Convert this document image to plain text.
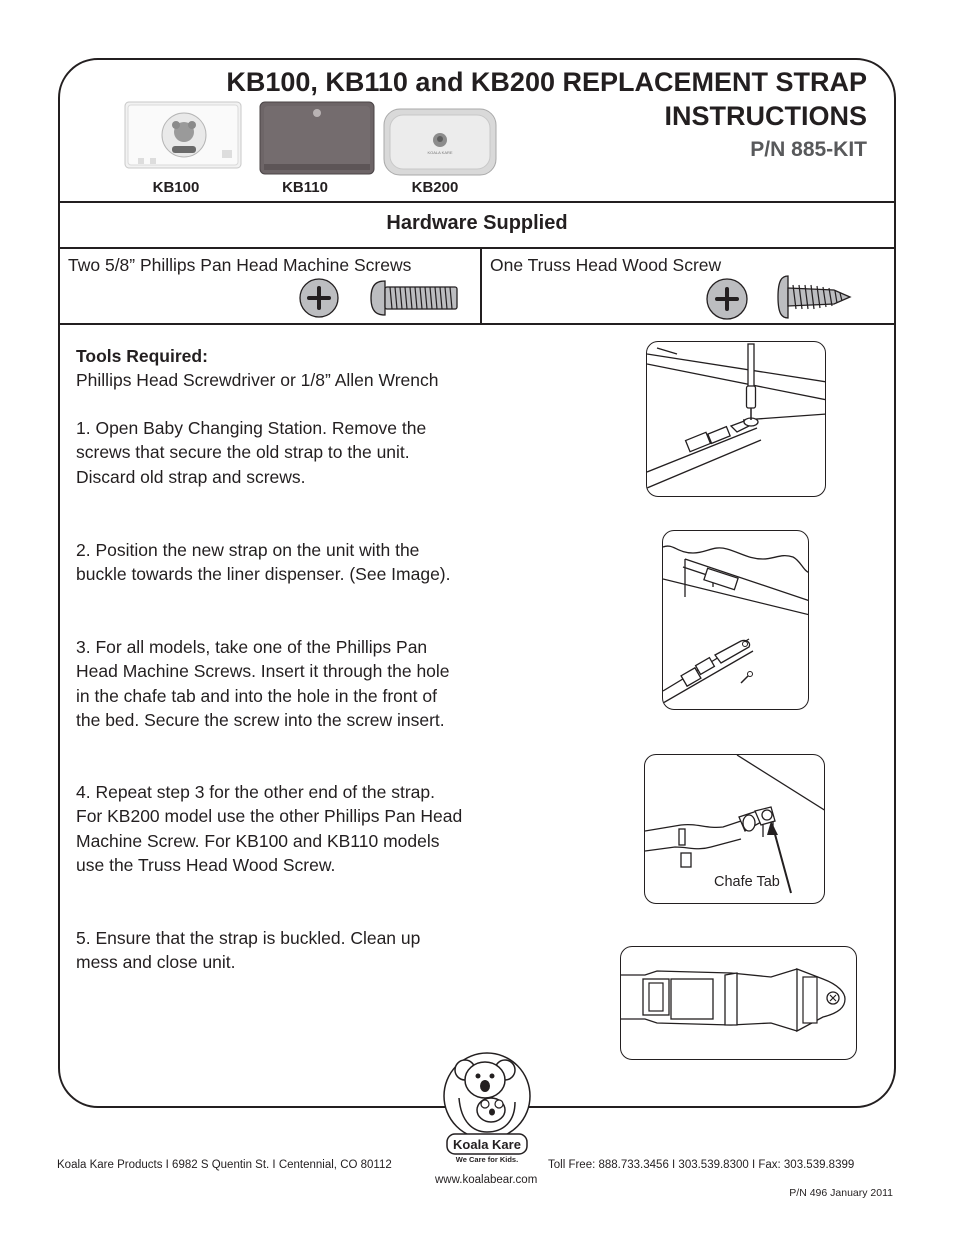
KB100, KB110 and KB200 REPLACEMENT STRAP
INSTRUCTIONS
P/N 885-KIT
KOALA KARE
KB100	KB110	KB200
Hardware Supplied
Two 5/8” Phillips Pan Head Machine Screws	One Truss Head Wood Screw

Tools Required:
Phillips Head Screwdriver or 1/8” Allen Wrench

1. Open Baby Changing Station. Remove the
screws that secure the old strap to the unit.
Discard old strap and screws.

2. Position the new strap on the unit with the
buckle towards the liner dispenser. (See Image).

3. For all models, take one of the Phillips Pan
Head Machine Screws. Insert it through the hole
in the chafe tab and into the hole in the front of
the bed. Secure the screw into the screw insert.

4. Repeat step 3 for the other end of the strap.
For KB200 model use the other Phillips Pan Head
Machine Screw. For KB100 and KB110 models
use the Truss Head Wood Screw.

5. Ensure that the strap is buckled. Clean up
mess and close unit.

Chafe Tab
Koala Kare
We Care for Kids.
Koala Kare Products I 6982 S Quentin St. I Centennial, CO 80112	Toll Free: 888.733.3456 I 303.539.8300 I Fax: 303.539.8399
www.koalabear.com
P/N 496 January 2011
